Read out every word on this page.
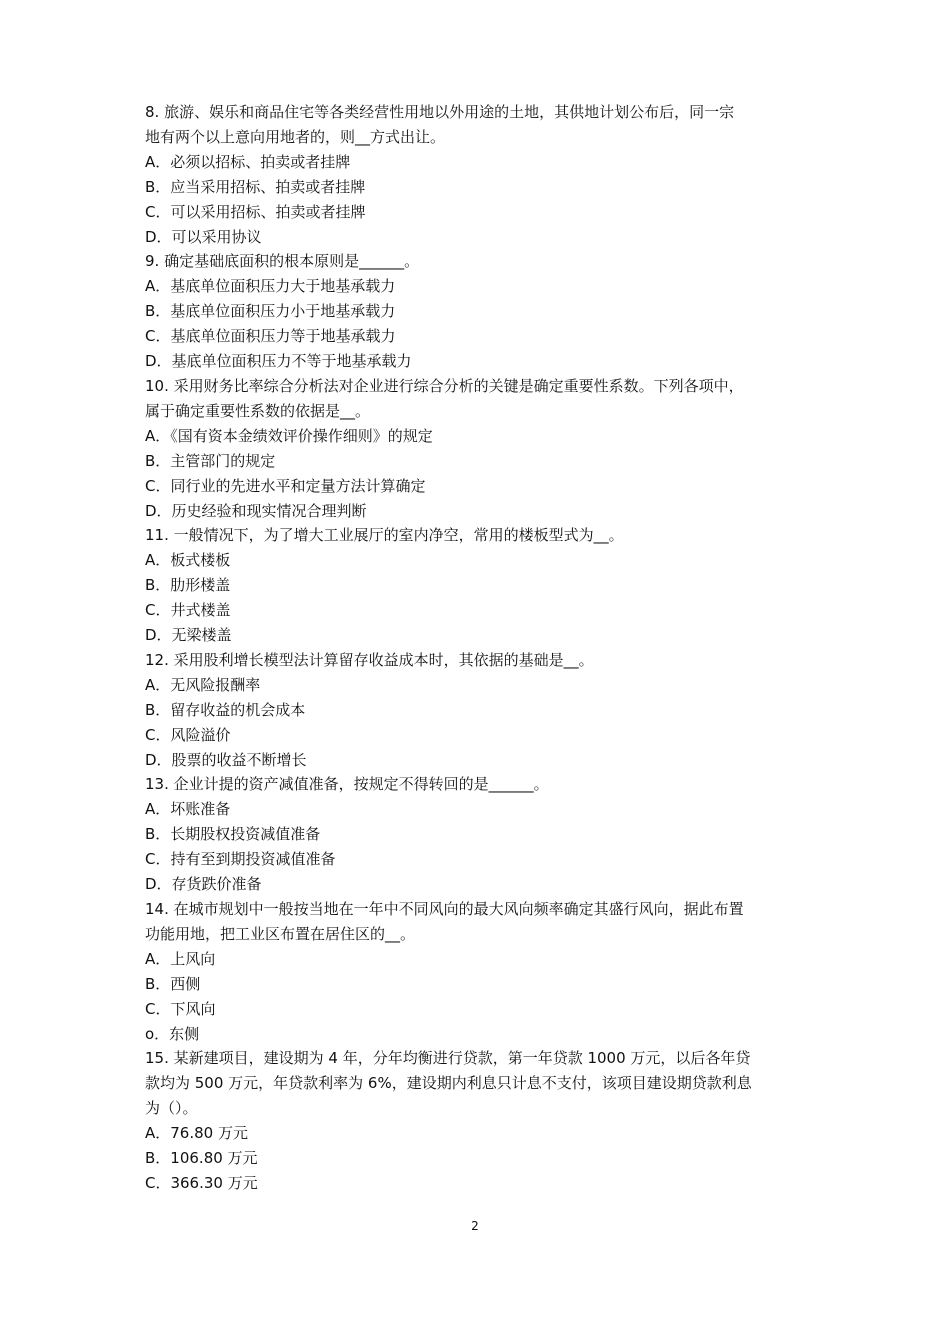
8. 旅游、娱乐和商品住宅等各类经营性用地以外用途的土地，其供地计划公布后，同一宗

地有两个以上意向用地者的，则__方式出让。

A．必须以招标、拍卖或者挂牌

B．应当采用招标、拍卖或者挂牌

C．可以采用招标、拍卖或者挂牌

D．可以采用协议

9. 确定基础底面积的根本原则是______。

A．基底单位面积压力大于地基承载力

B．基底单位面积压力小于地基承载力

C．基底单位面积压力等于地基承载力

D．基底单位面积压力不等于地基承载力

10. 采用财务比率综合分析法对企业进行综合分析的关键是确定重要性系数。下列各项中，

属于确定重要性系数的依据是__。

A．《国有资本金绩效评价操作细则》的规定

B．主管部门的规定

C．同行业的先进水平和定量方法计算确定

D．历史经验和现实情况合理判断

11. 一般情况下，为了增大工业展厅的室内净空，常用的楼板型式为__。

A．板式楼板

B．肋形楼盖

C．井式楼盖

D．无梁楼盖

12. 采用股利增长模型法计算留存收益成本时，其依据的基础是__。

A．无风险报酬率

B．留存收益的机会成本

C．风险溢价

D．股票的收益不断增长

13. 企业计提的资产减值准备，按规定不得转回的是______。

A．坏账准备

B．长期股权投资减值准备

C．持有至到期投资减值准备

D．存货跌价准备

14. 在城市规划中一般按当地在一年中不同风向的最大风向频率确定其盛行风向，据此布置

功能用地，把工业区布置在居住区的__。

A．上风向

B．西侧

C．下风向

o．东侧

15. 某新建项目，建设期为 4 年，分年均衡进行贷款，第一年贷款 1000 万元，以后各年贷

款均为 500 万元，年贷款利率为 6%，建设期内利息只计息不支付，该项目建设期贷款利息

为（）。

A．76.80 万元

B．106.80 万元

C．366.30 万元

2
